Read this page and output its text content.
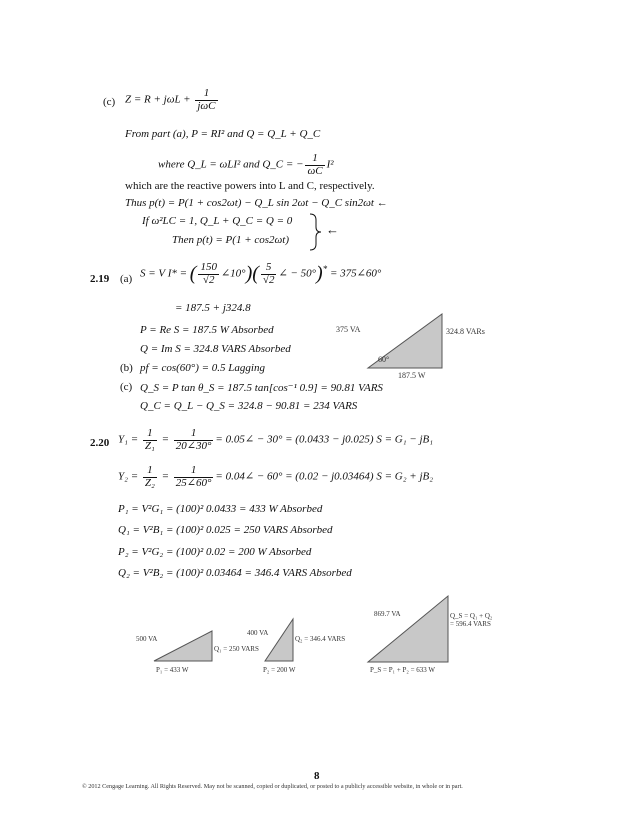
(c) $Z = R + j\omega L + \frac{1}{\text{jωC}}$
From part (a), P = RI² and Q = Q_L + Q_C
where Q_L = ωLI² and Q_C = − $\frac{1}{\omega C} I^2$
which are the reactive powers into L and C, respectively.
Thus p(t) = P(1 + cos2ωt) − Q_L sin 2ωt − Q_C sin2ωt ←
If ω²LC = 1, Q_L + Q_C = Q = 0
Then p(t) = P(1 + cos2ωt)
←
2.19 (a) S = V I* = ( $\frac{150}{√2}$ ∠10°)( $\frac{5}{√2}$ ∠ − 50°)* = 375∠60°
= 187.5 + j324.8
P = Re S = 187.5 W Absorbed
Q = Im S = 324.8 VARS Absorbed
375 VA	324.8 VARs
60°
187.5 W
(b) pf = cos(60°) = 0.5 Lagging
(c) Q_S = P tan θ_S = 187.5 tan[cos⁻¹ 0.9] = 90.81 VARS
Q_C = Q_L − Q_S = 324.8 − 90.81 = 234 VARS
2.20 $Y_1 = \frac{1}{\text{Z₁}} = \frac{1}{20\angle 30^\circ}$ = 0.05∠ − 30° = (0.0433 − j0.025) S = G₁ − jB₁
$Y_2 = \frac{1}{\text{Z₂}} = \frac{1}{25\angle 60^\circ}$ = 0.04∠ − 60° = (0.02 − j0.03464) S = G₂ + jB₂
P₁ = V²G₁ = (100)² 0.0433 = 433 W Absorbed
Q₁ = V²B₁ = (100)² 0.025 = 250 VARS Absorbed
P₂ = V²G₂ = (100)² 0.02 = 200 W Absorbed
Q₂ = V²B₂ = (100)² 0.03464 = 346.4 VARS Absorbed
500 VA
Q₁ = 250 VARS
P₁ = 433 W
400 VA
Q₂ = 346.4 VARS
P₂ = 200 W
869.7 VA	Q_S = Q₁ + Q₂
= 596.4 VARS
P_S = P₁ + P₂ = 633 W
8
© 2012 Cengage Learning. All Rights Reserved. May not be scanned, copied or duplicated, or posted to a publicly accessible website, in whole or in part.
